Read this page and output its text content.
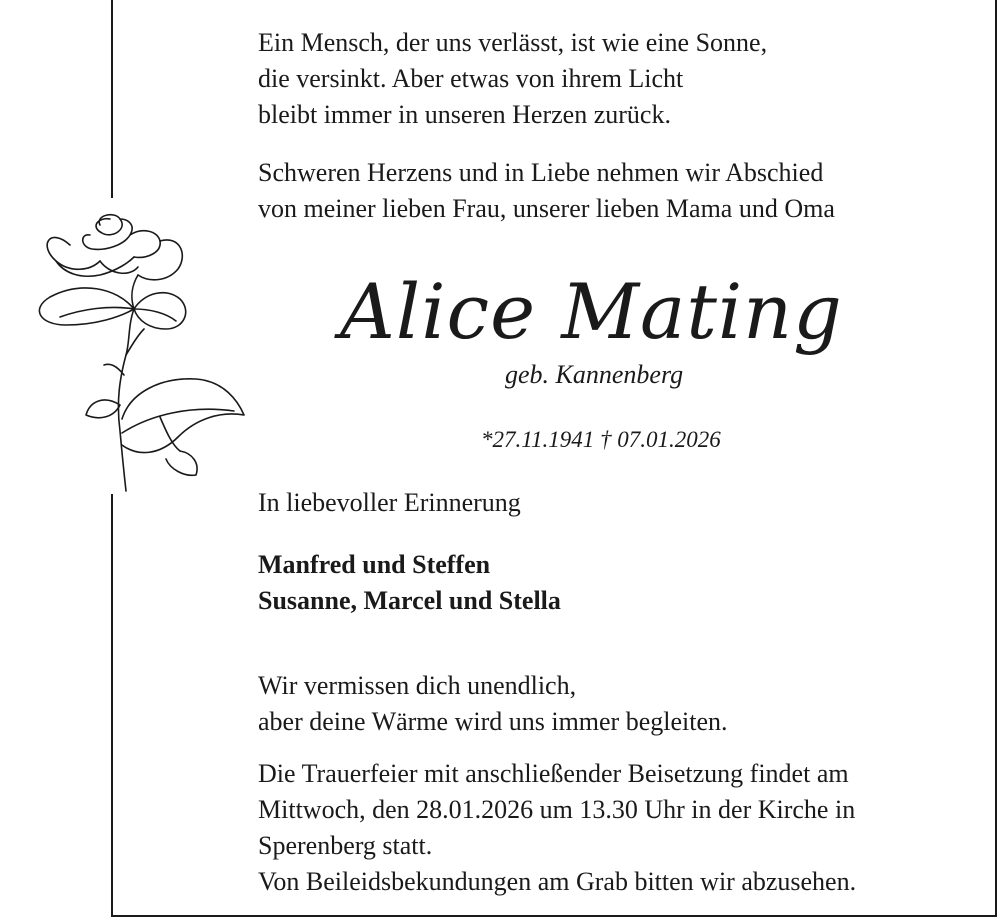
Ein Mensch, der uns verlässt, ist wie eine Sonne,
die versinkt. Aber etwas von ihrem Licht
bleibt immer in unseren Herzen zurück.

Schweren Herzens und in Liebe nehmen wir Abschied
von meiner lieben Frau, unserer lieben Mama und Oma

Alice Mating
geb. Kannenberg
*27.11.1941 † 07.01.2026

In liebevoller Erinnerung

Manfred und Steffen
Susanne, Marcel und Stella

Wir vermissen dich unendlich,
aber deine Wärme wird uns immer begleiten.

Die Trauerfeier mit anschließender Beisetzung findet am
Mittwoch, den 28.01.2026 um 13.30 Uhr in der Kirche in
Sperenberg statt.
Von Beileidsbekundungen am Grab bitten wir abzusehen.
